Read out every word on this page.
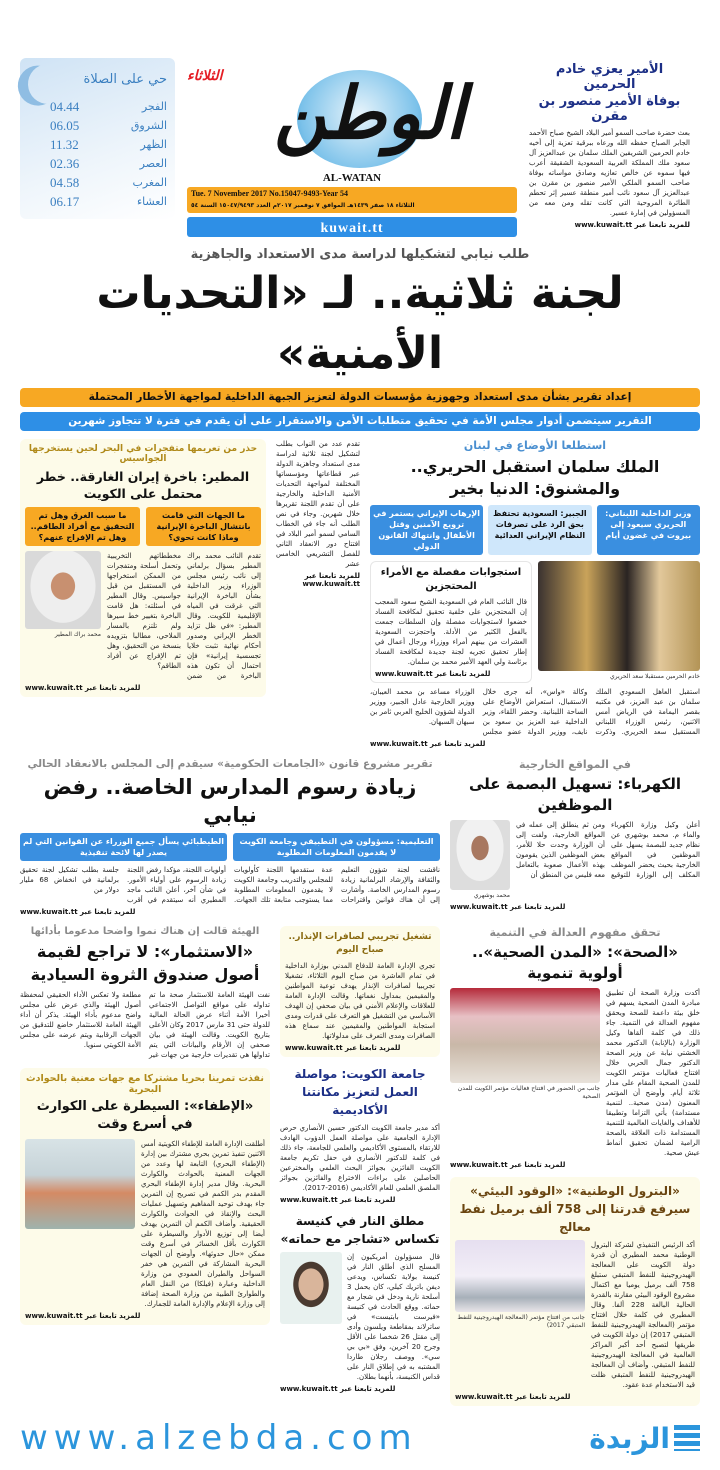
حي على الصلاة
04.44	الفجر
06.05	الشروق
11.32	الظهر
02.36	العصر
04.58	المغرب
06.17	العشاء
الثلاثاء الوطن
AL-WATAN
Tue. 7 November 2017 No.15047-9493-Year 54
الثلاثاء ١٨ صفر ١٤٣٩هـ الموافق ٧ نوفمبر ٢٠١٧م العدد ١٥٠٤٧/٩٤٩٣ السنة ٥٤
kuwait.tt
الأمير يعزي خادم الحرمين
بوفاة الأمير منصور بن مقرن
بعث حضرة صاحب السمو أمير البلاد الشيخ صباح الأحمد الجابر الصباح حفظه الله ورعاه ببرقية تعزية إلى أخيه خادم الحرمين الشريفين الملك سلمان بن عبدالعزيز آل سعود ملك المملكة العربية السعودية الشقيقة أعرب فيها سموه عن خالص تعازيه وصادق مواساته بوفاة صاحب السمو الملكي الأمير منصور بن مقرن بن عبدالعزيز آل سعود نائب أمير منطقة عسير إثر تحطم الطائرة المروحية التي كانت تقله ومن معه من المسؤولين في إمارة عسير.
للمزيد تابعنا عبر www.kuwait.tt
طلب نيابي لتشكيلها لدراسة مدى الاستعداد والجاهزية
لجنة ثلاثية.. لـ «التحديات الأمنية»
إعداد تقرير بشأن مدى استعداد وجهوزية مؤسسات الدولة لتعزيز الجبهة الداخلية لمواجهة الأخطار المحتملة
التقرير سيتضمن أدوار مجلس الأمة في تحقيق متطلبات الأمن والاستقرار على أن يقدم في فترة لا تتجاوز شهرين
حذر من تعريمها متفجرات في البحر لحين يستخرجها الجواسيس
المطير: باخرة إيران الغارقة.. خطر محتمل على الكويت
ما سبب الغرق وهل تم التحقيق مع أفراد الطاقم.. وهل تم الإفراج عنهم؟
ما الجهات التي قامت بانتشال الباخرة الإيرانية وماذا كانت تحوي؟
محمد براك المطير
تقدم النائب محمد براك المطير بسؤال برلماني إلى نائب رئيس مجلس الوزراء وزير الداخلية بشأن الباخرة الإيرانية التي غرقت في المياه الإقليمية للكويت. وقال المطير: «في ظل تزايد الخطر الإيراني وصدور أحكام نهائية تثبت خلايا تجسسية إيرانية» فإن احتمال أن تكون هذه الباخرة من ضمن مخططاتهم التخريبية وتحمل أسلحة ومتفجرات من الممكن استخراجها في المستقبل من قبل جواسيس. وقال المطير في أسئلته: هل قامت الباخرة بتغيير خط سيرها ولم تلتزم بالمسار الملاحي، مطالبا بتزويده بنسخة من التحقيق، وهل تم الإفراج عن أفراد الطاقم؟
للمزيد تابعنا عبر www.kuwait.tt
تقدم عدد من النواب بطلب لتشكيل لجنة ثلاثية لدراسة مدى استعداد وجاهزية الدولة عبر قطاعاتها ومؤسساتها المختلفة لمواجهة التحديات الأمنية الداخلية والخارجية على أن تقدم اللجنة تقريرها خلال شهرين. وجاء في نص الطلب أنه جاء في الخطاب السامي لسمو أمير البلاد في افتتاح دور الانعقاد الثاني للفصل التشريعي الخامس عشر
للمزيد تابعنا عبر www.kuwait.tt
استطلعا الأوضاع في لبنان
الملك سلمان استقبل الحريري.. والمشنوق: الدنيا بخير
الإرهاب الإيراني يستمر في ترويع الآمنين وقتل الأطفال وانتهاك القانون الدولي
الجبير: السعودية تحتفظ بحق الرد على تصرفات النظام الإيراني العدائية
وزير الداخلية اللبناني: الحريري سيعود إلى بيروت في غضون أيام
استجوابات مفصلة مع الأمراء المحتجزين
قال النائب العام في السعودية الشيخ سعود المعجب إن المحتجزين على خلفية تحقيق لمكافحة الفساد خضعوا لاستجوابات مفصلة وإن السلطات جمعت بالفعل الكثير من الأدلة. واحتجزت السعودية العشرات من بينهم أمراء ووزراء ورجال أعمال في إطار تحقيق تجريه لجنة جديدة لمكافحة الفساد برئاسة ولي العهد الأمير محمد بن سلمان.
للمزيد تابعنا عبر www.kuwait.tt	خادم الحرمين مستقبلا سعد الحريري
استقبل العاهل السعودي الملك سلمان بن عبد العزيز، في مكتبه بقصر اليمامة في الرياض أمس الاثنين، رئيس الوزراء اللبناني المستقيل سعد الحريري. وذكرت وكالة «واس»، أنه جرى خلال الاستقبال، استعراض الأوضاع على الساحة اللبنانية. وحضر اللقاء، وزير الداخلية عبد العزيز بن سعود بن نايف، ووزير الدولة عضو مجلس الوزراء مساعد بن محمد العيبان، ووزير الخارجية عادل الجبير، ووزير الدولة لشؤون الخليج العربي ثامر بن سبهان السبهان.
للمزيد تابعنا عبر www.kuwait.tt
تقرير مشروع قانون «الجامعات الحكومية» سيقدم إلى المجلس بالانعقاد الحالي
زيادة رسوم المدارس الخاصة.. رفض نيابي
الطبطبائي يسأل جميع الوزراء عن القوانين التي لم يصدر لها لائحة تنفيذية
التعليمية: مسؤولون في التطبيقي وجامعة الكويت لا يقدمون المعلومات المطلوبة
ناقشت لجنة شؤون التعليم والثقافة والإرشاد البرلمانية زيادة رسوم المدارس الخاصة. وأشارت إلى أن هناك قوانين واقتراحات عدة ستقدمها اللجنة كأولويات للمجلس والتدريب وجامعة الكويت لا يقدمون المعلومات المطلوبة مما يستوجب متابعة تلك الجهات. أولويات اللجنة، مؤكدا رفض اللجنة زيادة الرسوم على أولياء الأمور. في شأن آخر، أعلن النائب ماجد المطيري أنه سيتقدم في أقرب جلسة بطلب تشكيل لجنة تحقيق برلمانية في انخفاض 68 مليار دولار من
للمزيد تابعنا عبر www.kuwait.tt
في المواقع الخارجية
الكهرباء: تسهيل البصمة على الموظفين
محمد بوشهري
أعلن وكيل وزارة الكهرباء والماء م. محمد بوشهري عن نظام جديد للبصمة يسهل على الموظفين في المواقع الخارجية بحيث يحضر الموظف المكلف إلى الوزارة للتوقيع ومن ثم ينطلق إلى عمله في المواقع الخارجية، ولفت إلى أن الوزارة وجدت حلا للأمر، بعض الموظفين الذين يقومون بهذه الأعمال صعوبة بالتعامل معه فليس من المنطق أن
للمزيد تابعنا عبر www.kuwait.tt
الهيئة قالت إن هناك نموا واضحا مدعوما بأدائها
«الاستثمار»: لا تراجع لقيمة أصول صندوق الثروة السيادية
نفت الهيئة العامة للاستثمار صحة ما تم تداوله على مواقع التواصل الاجتماعي أخيرا الأمة أثناء عرض الحالة المالية للدولة حتى 31 مارس 2017 وكان الأعلى بتاريخ الكويت. وقالت الهيئة في بيان صحفي إن الأرقام والبيانات التي يتم تداولها هي تقديرات خارجية من جهات غير مطلعة ولا تعكس الأداء الحقيقي لمحفظة أصول الهيئة والذي عرض على مجلس واضح مدعوم بأداء الهيئة. يذكر أن أداء الهيئة العامة للاستثمار خاضع للتدقيق من الجهات الرقابية ويتم عرضه على مجلس الأمة الكويتي سنويا.
نفذت تمرينا بحريا مشتركا مع جهات معنية بالحوادث البحرية
«الإطفاء»: السيطرة على الكوارث في أسرع وقت
أطلقت الإدارة العامة للإطفاء الكويتية أمس الاثنين تنفيذ تمرين بحري مشترك بين إدارة (الإطفاء البحري) التابعة لها وعدد من الجهات المعنية بالحوادث والكوارث البحرية. وقال مدير إدارة الإطفاء البحري المقدم بدر الكمم في تصريح إن التمرين جاء بهدف توحيد المفاهيم وتسهيل عمليات البحث والإنقاذ في الحوادث والكوارث الحقيقية. وأضاف الكمم أن التمرين يهدف أيضا إلى توزيع الأدوار والسيطرة على الكوارث بأقل الخسائر في أسرع وقت ممكن «حال حدوثها». وأوضح أن الجهات البحرية المشاركة في التمرين هي خفر السواحل والطيران العمودي من وزارة الداخلية وعبارة (فيلكا) من النقل العام والطوارئ الطبية من وزارة الصحة إضافة إلى وزارة الإعلام والإدارة العامة للجمارك.
للمزيد تابعنا عبر www.kuwait.tt
تشغيل تجريبي لصافرات الإنذار.. صباح اليوم
تجري الإدارة العامة للدفاع المدني بوزارة الداخلية في تمام العاشرة من صباح اليوم الثلاثاء، تشغيلا تجريبيا لصافرات الإنذار يهدف توعية المواطنين والمقيمين بمداول نغماتها. وقالت الإدارة العامة للعلاقات والإعلام الأمني في بيان صحفي إن الهدف الأساسي من التشغيل هو التعرف على قدرات ومدى استجابة المواطنين والمقيمين عند سماع هذه الصافرات ومدى التعرف على مدلولاتها.
للمزيد تابعنا عبر www.kuwait.tt
جامعة الكويت: مواصلة العمل لتعزيز مكانتنا الأكاديمية
أكد مدير جامعة الكويت الدكتور حسين الأنصاري حرص الإدارة الجامعية على مواصلة العمل الدؤوب الهادف للارتقاء بالمستوى الأكاديمي والعلمي للجامعة، جاء ذلك في كلمة للدكتور الأنصاري في حفل تكريم جامعة الكويت الفائزين بجوائز البحث العلمي والمخترعين الحاصلين على براءات الاختراع والفائزين بجوائز الملصق العلمي للعام الأكاديمي (2016-2017).
للمزيد تابعنا عبر www.kuwait.tt
مطلق النار في كنيسة تكساس «تشاجر مع حماته»
قال مسؤولون أمريكيون إن المسلح الذي أطلق النار في كنيسة بولاية تكساس، ويدعى ديفن باتريك كيلي، كان يحمل 3 أسلحة نارية ودخل في شجار مع حماته. ووقع الحادث في كنيسة «فيرست بابتيست» في ساترلاند بمقاطعة ويلسون وأدى إلى مقتل 26 شخصا على الأقل وجرح 20 آخرين، وفق «بي بي سي». ووصف رجلان طاردا المشتبه به في إطلاق النار على قداس الكنيسة، بأنهما بطلان.
للمزيد تابعنا عبر www.kuwait.tt
تحقق مفهوم العدالة في التنمية
«الصحة»: «المدن الصحية».. أولوية تنموية
جانب من الحضور في افتتاح فعاليات مؤتمر الكويت للمدن الصحية
أكدت وزارة الصحة أن تطبيق مبادرة المدن الصحية يسهم في خلق بيئة داعمة للصحة ويحقق مفهوم العدالة في التنمية. جاء ذلك في كلمة ألقاها وكيل الوزارة (بالإنابة) الدكتور محمد الخشتي نيابة عن وزير الصحة الدكتور جمال الحربي خلال افتتاح فعاليات مؤتمر الكويت للمدن الصحية المقام على مدار ثلاثة أيام. وأوضح أن المؤتمر المعنون (مدن صحية.. لتنمية مستدامة) يأتي التزاما وتطبيقا للأهداف والغايات العالمية للتنمية المستدامة ذات العلاقة بالصحة الرامية لضمان تحقيق أنماط عيش صحية.
للمزيد تابعنا عبر www.kuwait.tt
«البترول الوطنية»: «الوقود البيئي» سيرفع قدرتنا إلى 758 ألف برميل نفط معالج
جانب من افتتاح مؤتمر (المعالجة الهيدروجينية للنفط المتبقي 2017)
أكد الرئيس التنفيذي لشركة البترول الوطنية محمد المطيري أن قدرة دولة الكويت على المعالجة الهيدروجينية للنفط المتبقي ستبلغ 758 ألف برميل يوميا مع اكتمال مشروع الوقود البيئي مقارنة بالقدرة الحالية البالغة 228 ألفا. وقال المطيري في كلمة خلال افتتاح مؤتمر (المعالجة الهيدروجينية للنفط المتبقي 2017) إن دولة الكويت في طريقها لتصبح أحد أكبر المراكز العالمية في المعالجة الهيدروجينية للنفط المتبقي. وأضاف أن المعالجة الهيدروجينية للنفط المتبقي ظلت قيد الاستخدام عدة عقود.
للمزيد تابعنا عبر www.kuwait.tt
www.alzebda.com	الزبدة
